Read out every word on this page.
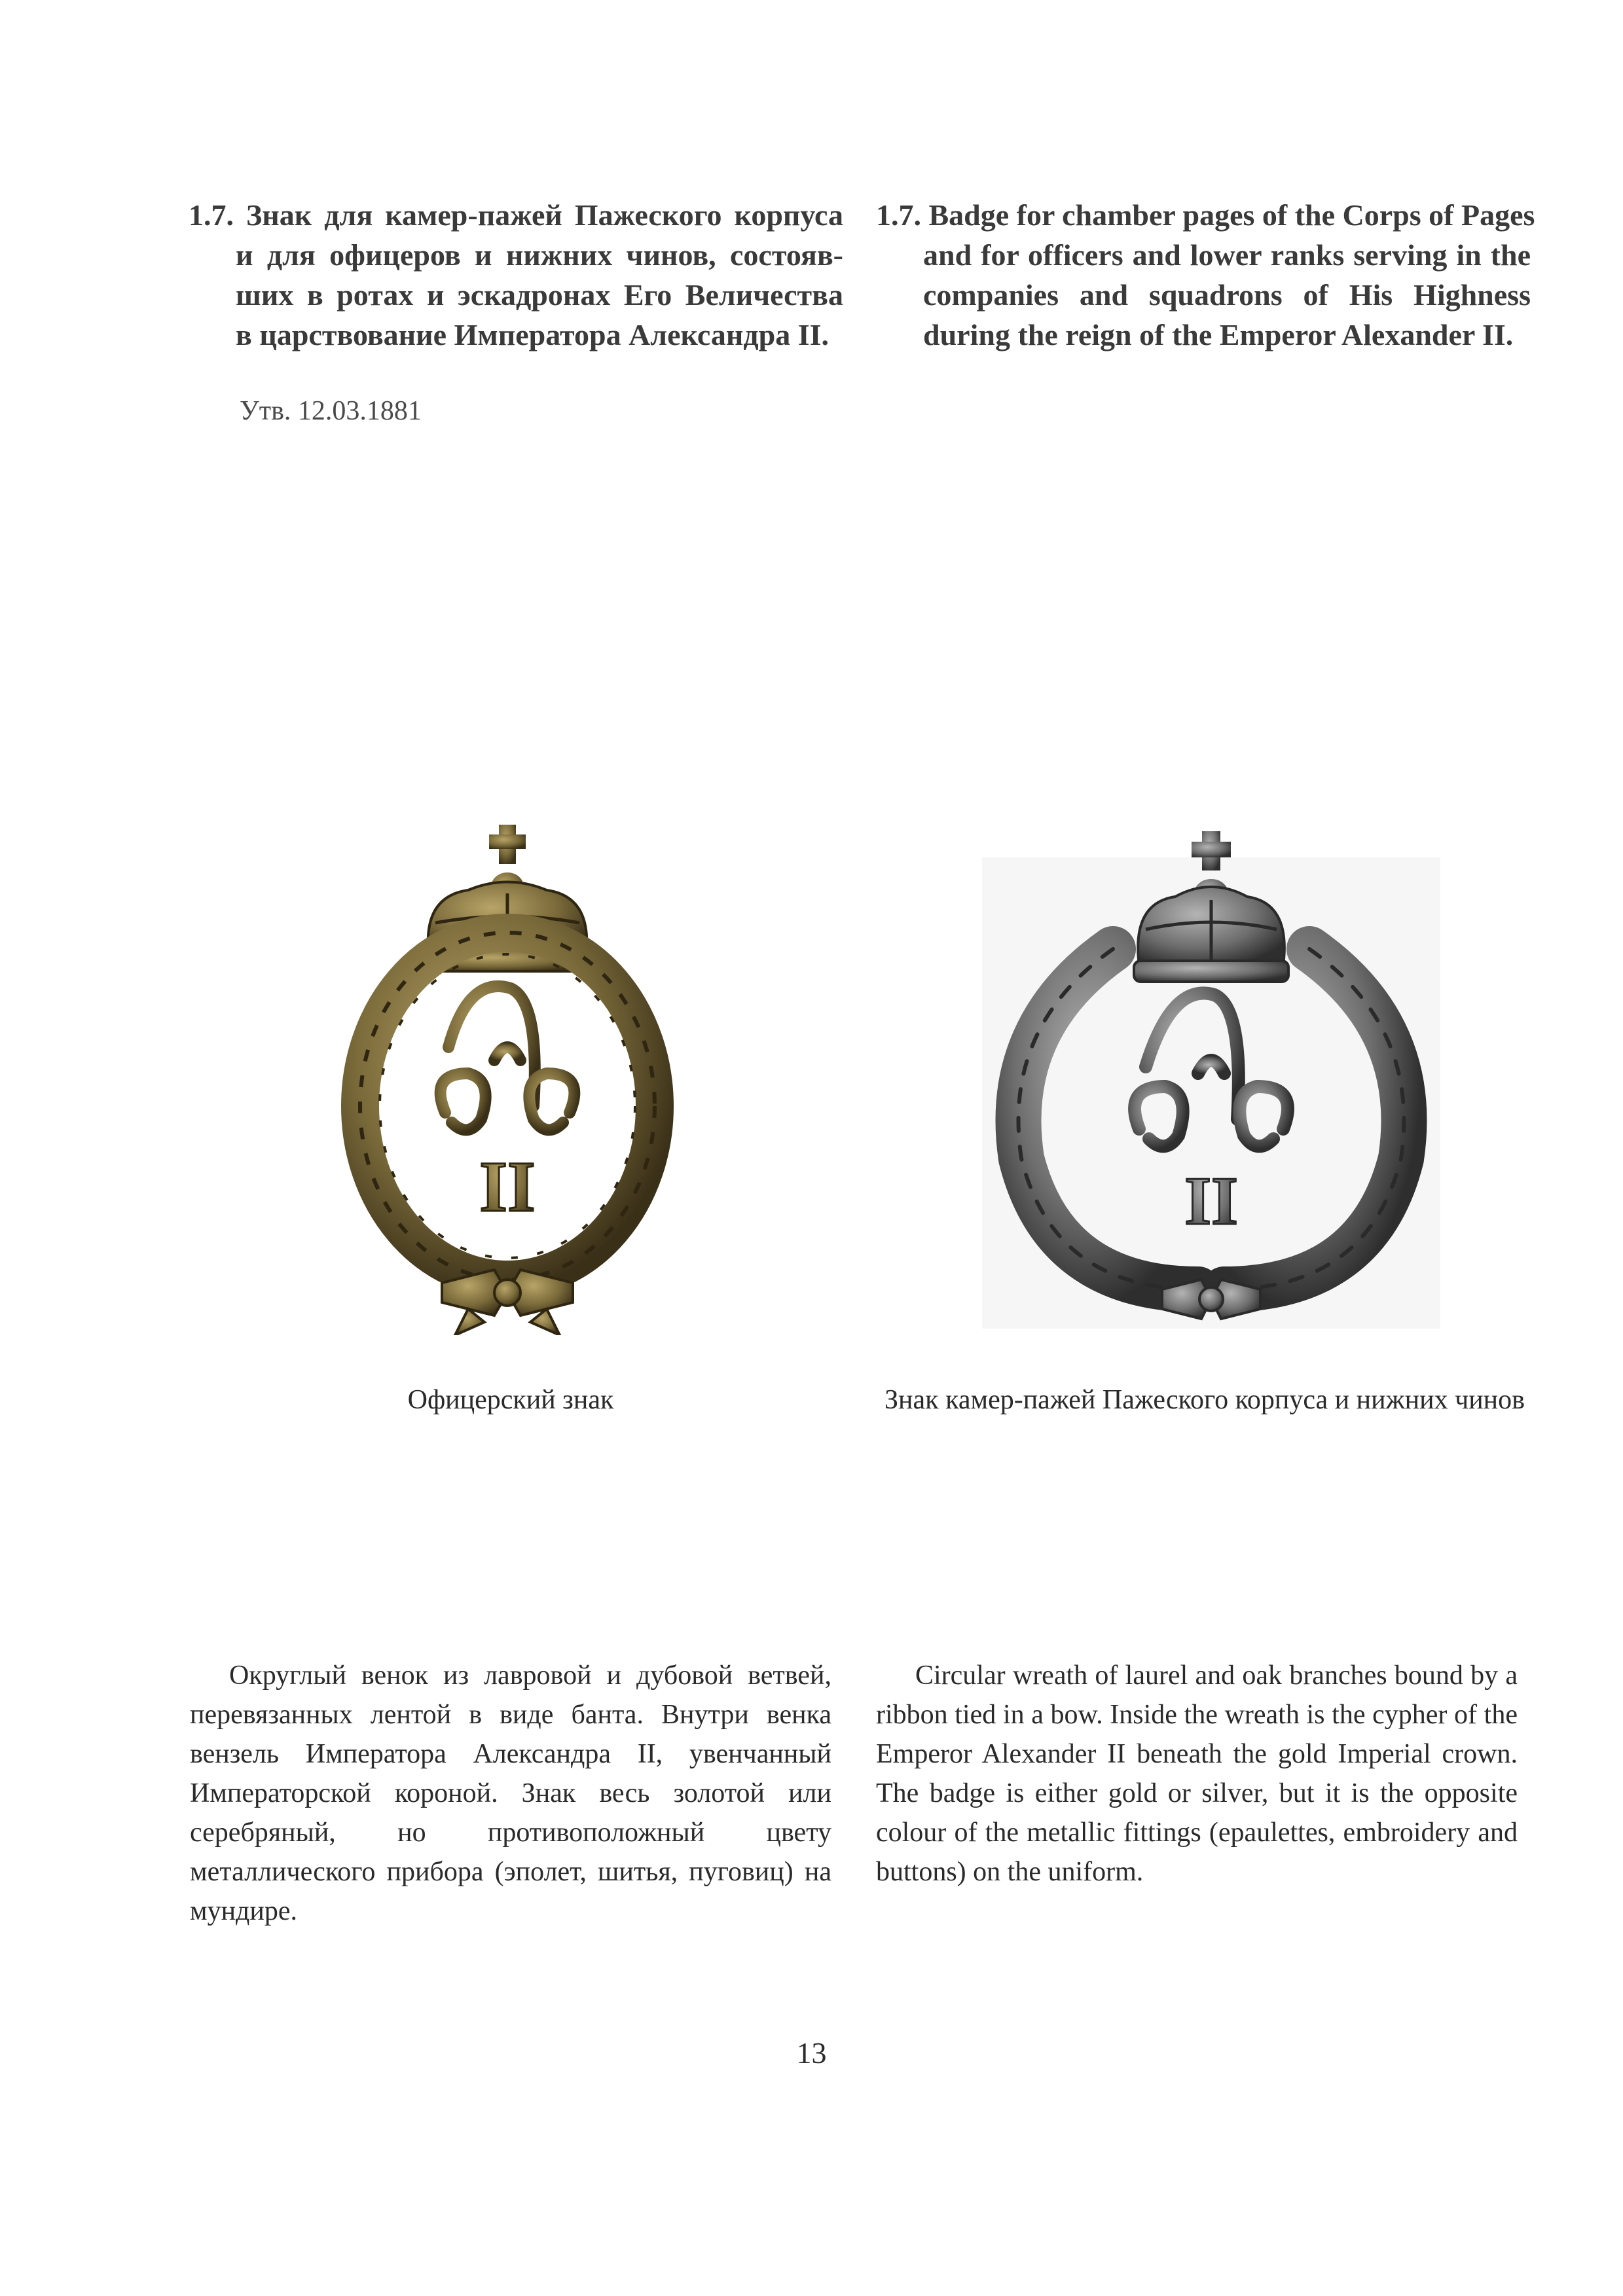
1.7. Знак для камер-пажей Пажеского корпуса
и для офицеров и нижних чинов, состояв-
ших в ротах и эскадронах Его Величества
в царствование Императора Александра II.
1.7. Badge for chamber pages of the Corps of Pages
and for officers and lower ranks serving in the
companies and squadrons of His Highness
during the reign of the Emperor Alexander II.
Утв. 12.03.1881
II	II
Офицерский знак	Знак камер-пажей Пажеского корпуса и нижних чинов
Округлый венок из лавровой и дубовой ветвей, перевязанных лентой в виде банта. Внутри венка вензель Императора Александра II, увенчанный Императорской короной. Знак весь золотой или серебряный, но противоположный цвету металлического прибора (эполет, шитья, пуговиц) на мундире.
Circular wreath of laurel and oak branches bound by a ribbon tied in a bow. Inside the wreath is the cypher of the Emperor Alexander II beneath the gold Imperial crown. The badge is either gold or silver, but it is the opposite colour of the metallic fittings (epaulettes, embroidery and buttons) on the uniform.
13
